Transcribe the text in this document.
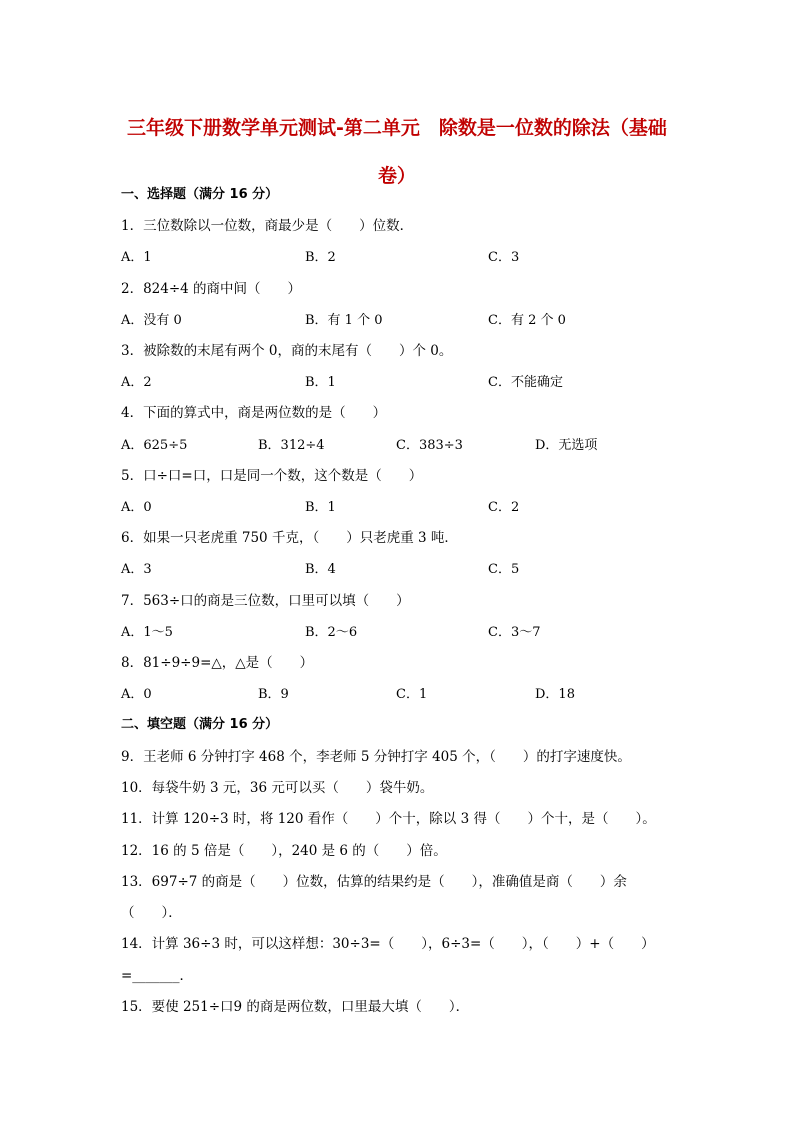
三年级下册数学单元测试-第二单元　除数是一位数的除法（基础
卷）
一、选择题（满分 16 分）
1．三位数除以一位数，商最少是（　　）位数．
A．1	B．2	C．3
2．824÷4 的商中间（　　）
A．没有 0	B．有 1 个 0	C．有 2 个 0
3．被除数的末尾有两个 0，商的末尾有（　　）个 0。
A．2	B．1	C．不能确定
4．下面的算式中，商是两位数的是（　　）
A．625÷5	B．312÷4	C．383÷3	D．无选项
5．口÷口=口，口是同一个数，这个数是（　　）
A．0	B．1	C．2
6．如果一只老虎重 750 千克，（　　）只老虎重 3 吨．
A．3	B．4	C．5
7．563÷口的商是三位数，口里可以填（　　）
A．1～5	B．2～6	C．3～7
8．81÷9÷9=△，△是（　　）
A．0	B．9	C．1	D．18
二、填空题（满分 16 分）
9．王老师 6 分钟打字 468 个，李老师 5 分钟打字 405 个，（　　）的打字速度快。
10．每袋牛奶 3 元，36 元可以买（　　）袋牛奶。
11．计算 120÷3 时，将 120 看作（　　）个十，除以 3 得（　　）个十，是（　　）。
12．16 的 5 倍是（　　），240 是 6 的（　　）倍。
13．697÷7 的商是（　　）位数，估算的结果约是（　　），准确值是商（　　）余
（　　）．
14．计算 36÷3 时，可以这样想：30÷3=（　　），6÷3=（　　），（　　）+（　　）
=_______．
15．要使 251÷口9 的商是两位数，口里最大填（　　）．
